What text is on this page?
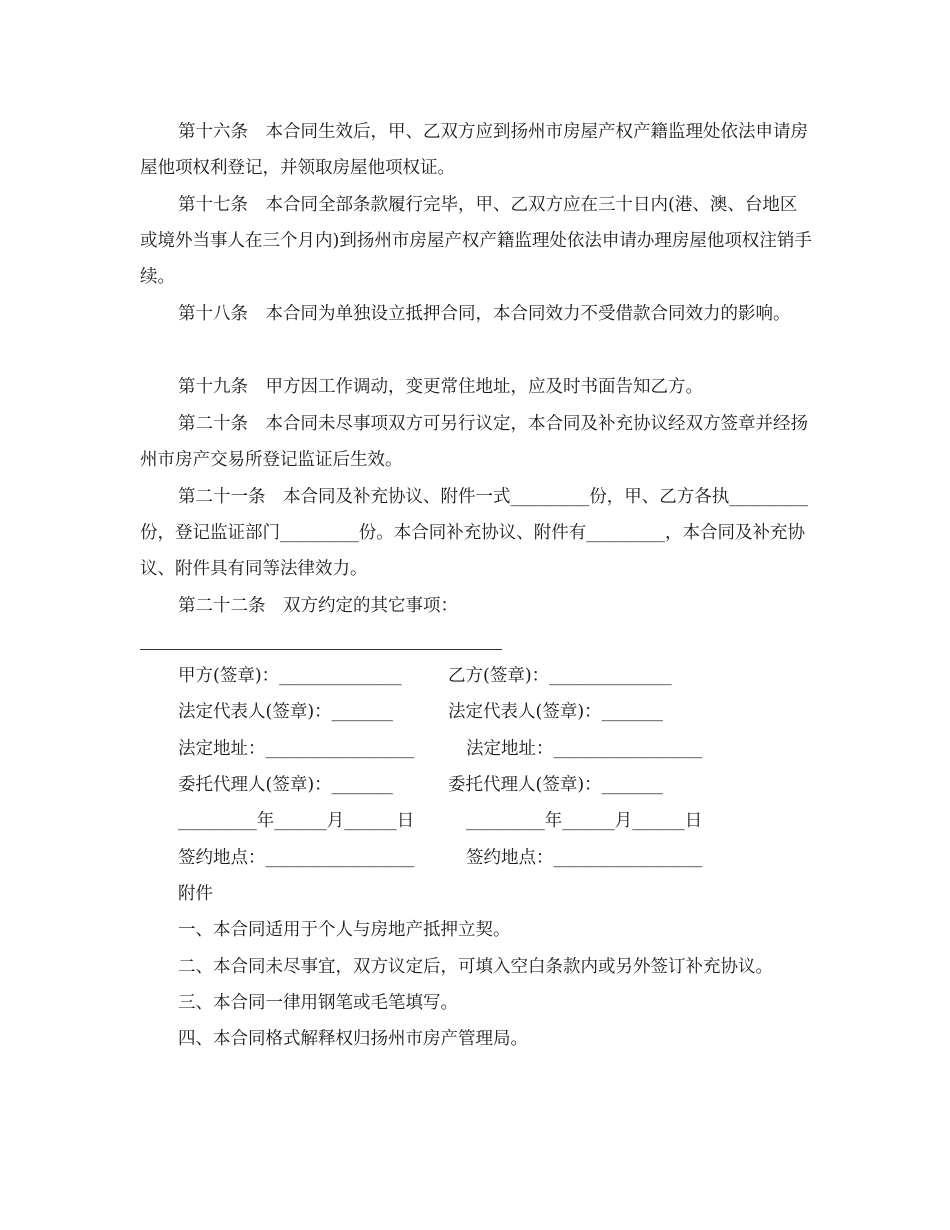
第十六条　本合同生效后，甲、乙双方应到扬州市房屋产权产籍监理处依法申请房屋他项权利登记，并领取房屋他项权证。

第十七条　本合同全部条款履行完毕，甲、乙双方应在三十日内(港、澳、台地区或境外当事人在三个月内)到扬州市房屋产权产籍监理处依法申请办理房屋他项权注销手续。

第十八条　本合同为单独设立抵押合同，本合同效力不受借款合同效力的影响。

第十九条　甲方因工作调动，变更常住地址，应及时书面告知乙方。

第二十条　本合同未尽事项双方可另行议定，本合同及补充协议经双方签章并经扬州市房产交易所登记监证后生效。

第二十一条　本合同及补充协议、附件一式_________份，甲、乙方各执_________份，登记监证部门_________份。本合同补充协议、附件有_________，本合同及补充协议、附件具有同等法律效力。

第二十二条　双方约定的其它事项：

甲方(签章)：______________	乙方(签章)：______________
法定代表人(签章)：_______	法定代表人(签章)：_______
法定地址：_________________	法定地址：_________________
委托代理人(签章)：_______	委托代理人(签章)：_______
_________年______月______日	_________年______月______日
签约地点：_________________	签约地点：_________________
附件
一、本合同适用于个人与房地产抵押立契。
二、本合同未尽事宜，双方议定后，可填入空白条款内或另外签订补充协议。
三、本合同一律用钢笔或毛笔填写。
四、本合同格式解释权归扬州市房产管理局。
